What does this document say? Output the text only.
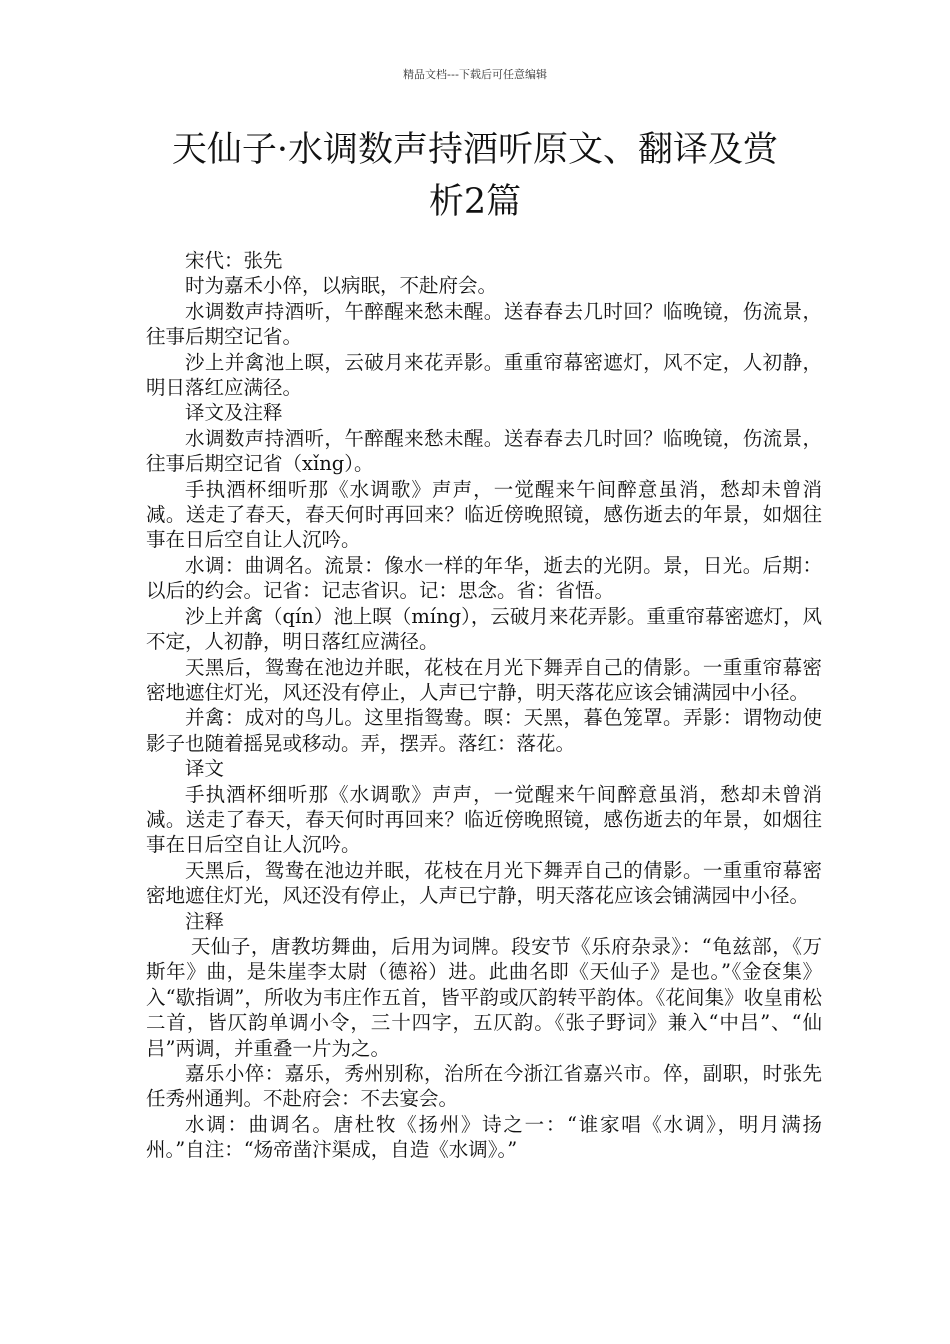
精品文档---下载后可任意编辑
天仙子·水调数声持酒听原文、翻译及赏
析2篇

宋代：张先

时为嘉禾小倅，以病眠，不赴府会。

水调数声持酒听，午醉醒来愁未醒。送春春去几时回？临晚镜，伤流景，往事后期空记省。

沙上并禽池上暝，云破月来花弄影。重重帘幕密遮灯，风不定，人初静，明日落红应满径。

译文及注释

水调数声持酒听，午醉醒来愁未醒。送春春去几时回？临晚镜，伤流景，往事后期空记省（xǐng）。

手执酒杯细听那《水调歌》声声，一觉醒来午间醉意虽消，愁却未曾消减。送走了春天，春天何时再回来？临近傍晚照镜，感伤逝去的年景，如烟往事在日后空自让人沉吟。

水调：曲调名。流景：像水一样的年华，逝去的光阴。景，日光。后期：以后的约会。记省：记志省识。记：思念。省：省悟。

沙上并禽（qín）池上暝（míng），云破月来花弄影。重重帘幕密遮灯，风不定，人初静，明日落红应满径。

天黑后，鸳鸯在池边并眠，花枝在月光下舞弄自己的倩影。一重重帘幕密密地遮住灯光，风还没有停止，人声已宁静，明天落花应该会铺满园中小径。

并禽：成对的鸟儿。这里指鸳鸯。暝：天黑，暮色笼罩。弄影：谓物动使影子也随着摇晃或移动。弄，摆弄。落红：落花。

译文

手执酒杯细听那《水调歌》声声，一觉醒来午间醉意虽消，愁却未曾消减。送走了春天，春天何时再回来？临近傍晚照镜，感伤逝去的年景，如烟往事在日后空自让人沉吟。

天黑后，鸳鸯在池边并眠，花枝在月光下舞弄自己的倩影。一重重帘幕密密地遮住灯光，风还没有停止，人声已宁静，明天落花应该会铺满园中小径。

注释

天仙子，唐教坊舞曲，后用为词牌。段安节《乐府杂录》：“龟兹部，《万斯年》曲，是朱崖李太尉（德裕）进。此曲名即《天仙子》是也。”《金奁集》入“歇指调”，所收为韦庄作五首，皆平韵或仄韵转平韵体。《花间集》收皇甫松二首，皆仄韵单调小令，三十四字，五仄韵。《张子野词》兼入“中吕”、“仙吕”两调，并重叠一片为之。

嘉乐小倅：嘉乐，秀州别称，治所在今浙江省嘉兴市。倅，副职，时张先任秀州通判。不赴府会：不去宴会。

水调：曲调名。唐杜牧《扬州》诗之一：“谁家唱《水调》，明月满扬州。”自注：“炀帝凿汴渠成，自造《水调》。”
